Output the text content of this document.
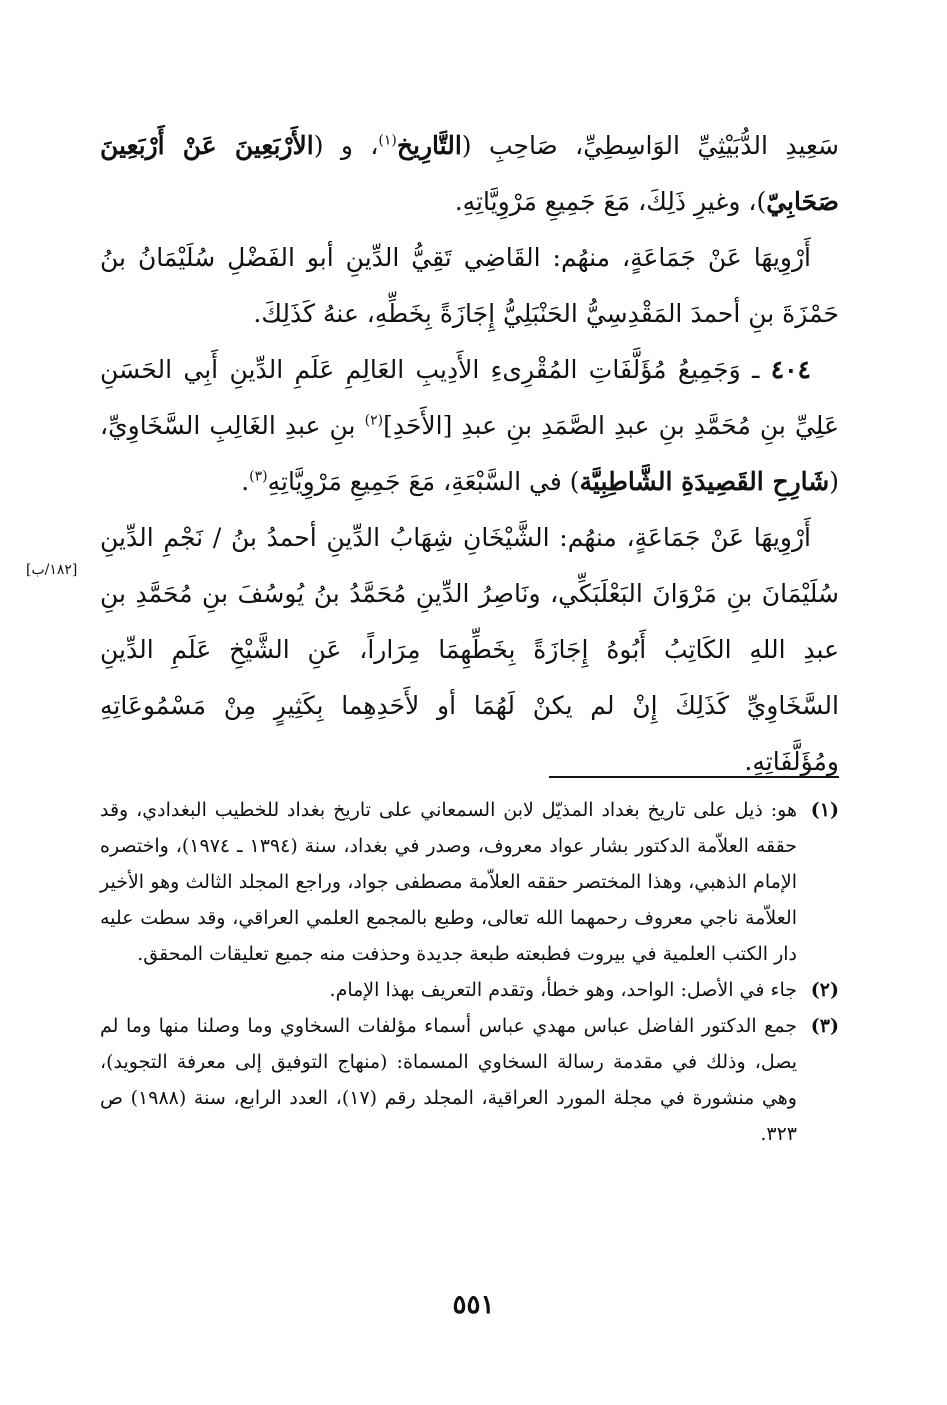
سَعِيدِ الدُّبَيْثِيِّ الوَاسِطِيِّ، صَاحِبِ (التَّارِيخ$^{(١)}$، و (الأَرْبَعِينَ عَنْ أَرْبَعِينَ صَحَابِيّ)، وغيرِ ذَلِكَ، مَعَ جَمِيعِ مَرْوِيَّاتِهِ.

أَرْوِيهَا عَنْ جَمَاعَةٍ، منهُم: القَاضِي تَقِيُّ الدِّينِ أبو الفَضْلِ سُلَيْمَانُ بنُ حَمْزَةَ بنِ أحمدَ المَقْدِسِيُّ الحَنْبَلِيُّ إِجَازَةً بِخَطِّهِ، عنهُ كَذَلِكَ.

٤٠٤ ـ وَجَمِيعُ مُؤَلَّفَاتِ المُقْرِىءِ الأَدِيبِ العَالِمِ عَلَمِ الدِّينِ أَبِي الحَسَنِ عَلِيِّ بنِ مُحَمَّدِ بنِ عبدِ الصَّمَدِ بنِ عبدِ [الأَحَدِ]$^{(٢)}$ بنِ عبدِ الغَالِبِ السَّخَاوِيِّ، (شَارِحِ القَصِيدَةِ الشَّاطِبِيَّة) في السَّبْعَةِ، مَعَ جَمِيعِ مَرْوِيَّاتِهِ$^{(٣)}$.

أَرْوِيهَا عَنْ جَمَاعَةٍ، منهُم: الشَّيْخَانِ شِهَابُ الدِّينِ أحمدُ بنُ / نَجْمِ الدِّينِ سُلَيْمَانَ بنِ مَرْوَانَ البَعْلَبَكِّي، ونَاصِرُ الدِّينِ مُحَمَّدُ بنُ يُوسُفَ بنِ مُحَمَّدِ بنِ عبدِ اللهِ الكَاتِبُ أَبُوهُ إِجَازَةً بِخَطِّهِمَا مِرَاراً، عَنِ الشَّيْخِ عَلَمِ الدِّينِ السَّخَاوِيِّ كَذَلِكَ إِنْ لم يكنْ لَهُمَا أو لأَحَدِهِما بِكَثِيرٍ مِنْ مَسْمُوعَاتِهِ ومُؤَلَّفَاتِهِ.

[١٨٢/ب]
(١)
هو: ذيل على تاريخ بغداد المذيّل لابن السمعاني على تاريخ بغداد للخطيب البغدادي، وقد حققه العلاّمة الدكتور بشار عواد معروف، وصدر في بغداد، سنة (١٣٩٤ ـ ١٩٧٤)، واختصره الإمام الذهبي، وهذا المختصر حققه العلاّمة مصطفى جواد، وراجع المجلد الثالث وهو الأخير العلاّمة ناجي معروف رحمهما الله تعالى، وطبع بالمجمع العلمي العراقي، وقد سطت عليه دار الكتب العلمية في بيروت فطبعته طبعة جديدة وحذفت منه جميع تعليقات المحقق.
(٢)
جاء في الأصل: الواحد، وهو خطأ، وتقدم التعريف بهذا الإمام.
(٣)
جمع الدكتور الفاضل عباس مهدي عباس أسماء مؤلفات السخاوي وما وصلنا منها وما لم يصل، وذلك في مقدمة رسالة السخاوي المسماة: (منهاج التوفيق إلى معرفة التجويد)، وهي منشورة في مجلة المورد العراقية، المجلد رقم (١٧)، العدد الرابع، سنة (١٩٨٨) ص ٣٢٣.
٥٥١
